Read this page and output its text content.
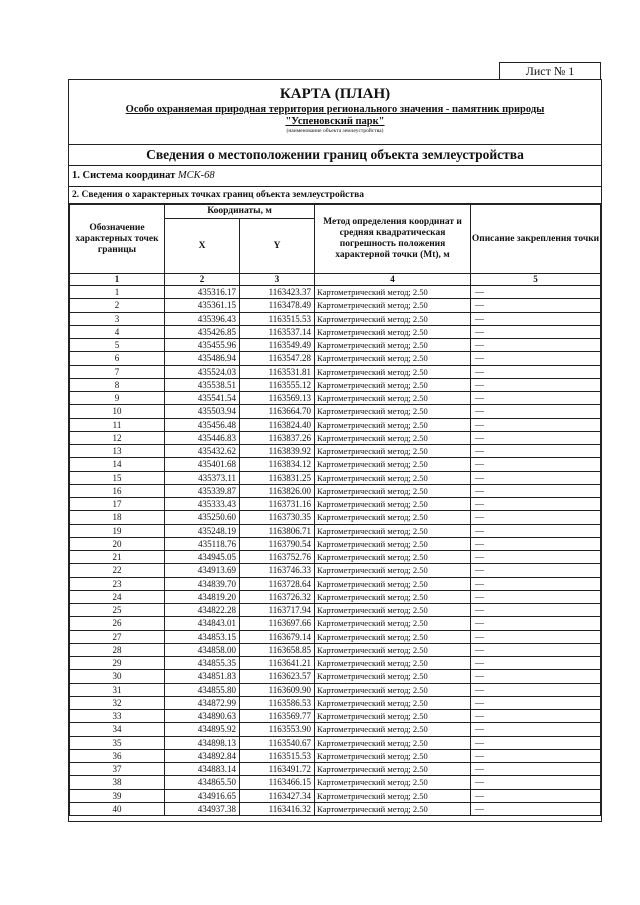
Лист № 1
КАРТА (ПЛАН)
Особо охраняемая природная территория регионального значения - памятник природы
"Успеновский парк"
(наименование объекта землеустройства)
Сведения о местоположении границ объекта землеустройства
1. Система координат МСК-68
2. Сведения о характерных точках границ объекта землеустройства
Обозначение характерных точек границы	Координаты, м		Метод определения координат и средняя квадратическая погрешность положения характерной точки (Mt), м	Описание закрепления точки
	X	Y		
1	2	3	4	5
1	435316.17	1163423.37	Картометрический метод; 2.50	—
2	435361.15	1163478.49	Картометрический метод; 2.50	—
3	435396.43	1163515.53	Картометрический метод; 2.50	—
4	435426.85	1163537.14	Картометрический метод; 2.50	—
5	435455.96	1163549.49	Картометрический метод; 2.50	—
6	435486.94	1163547.28	Картометрический метод; 2.50	—
7	435524.03	1163531.81	Картометрический метод; 2.50	—
8	435538.51	1163555.12	Картометрический метод; 2.50	—
9	435541.54	1163569.13	Картометрический метод; 2.50	—
10	435503.94	1163664.70	Картометрический метод; 2.50	—
11	435456.48	1163824.40	Картометрический метод; 2.50	—
12	435446.83	1163837.26	Картометрический метод; 2.50	—
13	435432.62	1163839.92	Картометрический метод; 2.50	—
14	435401.68	1163834.12	Картометрический метод; 2.50	—
15	435373.11	1163831.25	Картометрический метод; 2.50	—
16	435339.87	1163826.00	Картометрический метод; 2.50	—
17	435333.43	1163731.16	Картометрический метод; 2.50	—
18	435250.60	1163730.35	Картометрический метод; 2.50	—
19	435248.19	1163806.71	Картометрический метод; 2.50	—
20	435118.76	1163790.54	Картометрический метод; 2.50	—
21	434945.05	1163752.76	Картометрический метод; 2.50	—
22	434913.69	1163746.33	Картометрический метод; 2.50	—
23	434839.70	1163728.64	Картометрический метод; 2.50	—
24	434819.20	1163726.32	Картометрический метод; 2.50	—
25	434822.28	1163717.94	Картометрический метод; 2.50	—
26	434843.01	1163697.66	Картометрический метод; 2.50	—
27	434853.15	1163679.14	Картометрический метод; 2.50	—
28	434858.00	1163658.85	Картометрический метод; 2.50	—
29	434855.35	1163641.21	Картометрический метод; 2.50	—
30	434851.83	1163623.57	Картометрический метод; 2.50	—
31	434855.80	1163609.90	Картометрический метод; 2.50	—
32	434872.99	1163586.53	Картометрический метод; 2.50	—
33	434890.63	1163569.77	Картометрический метод; 2.50	—
34	434895.92	1163553.90	Картометрический метод; 2.50	—
35	434898.13	1163540.67	Картометрический метод; 2.50	—
36	434892.84	1163515.53	Картометрический метод; 2.50	—
37	434883.14	1163491.72	Картометрический метод; 2.50	—
38	434865.50	1163466.15	Картометрический метод; 2.50	—
39	434916.65	1163427.34	Картометрический метод; 2.50	—
40	434937.38	1163416.32	Картометрический метод; 2.50	—
